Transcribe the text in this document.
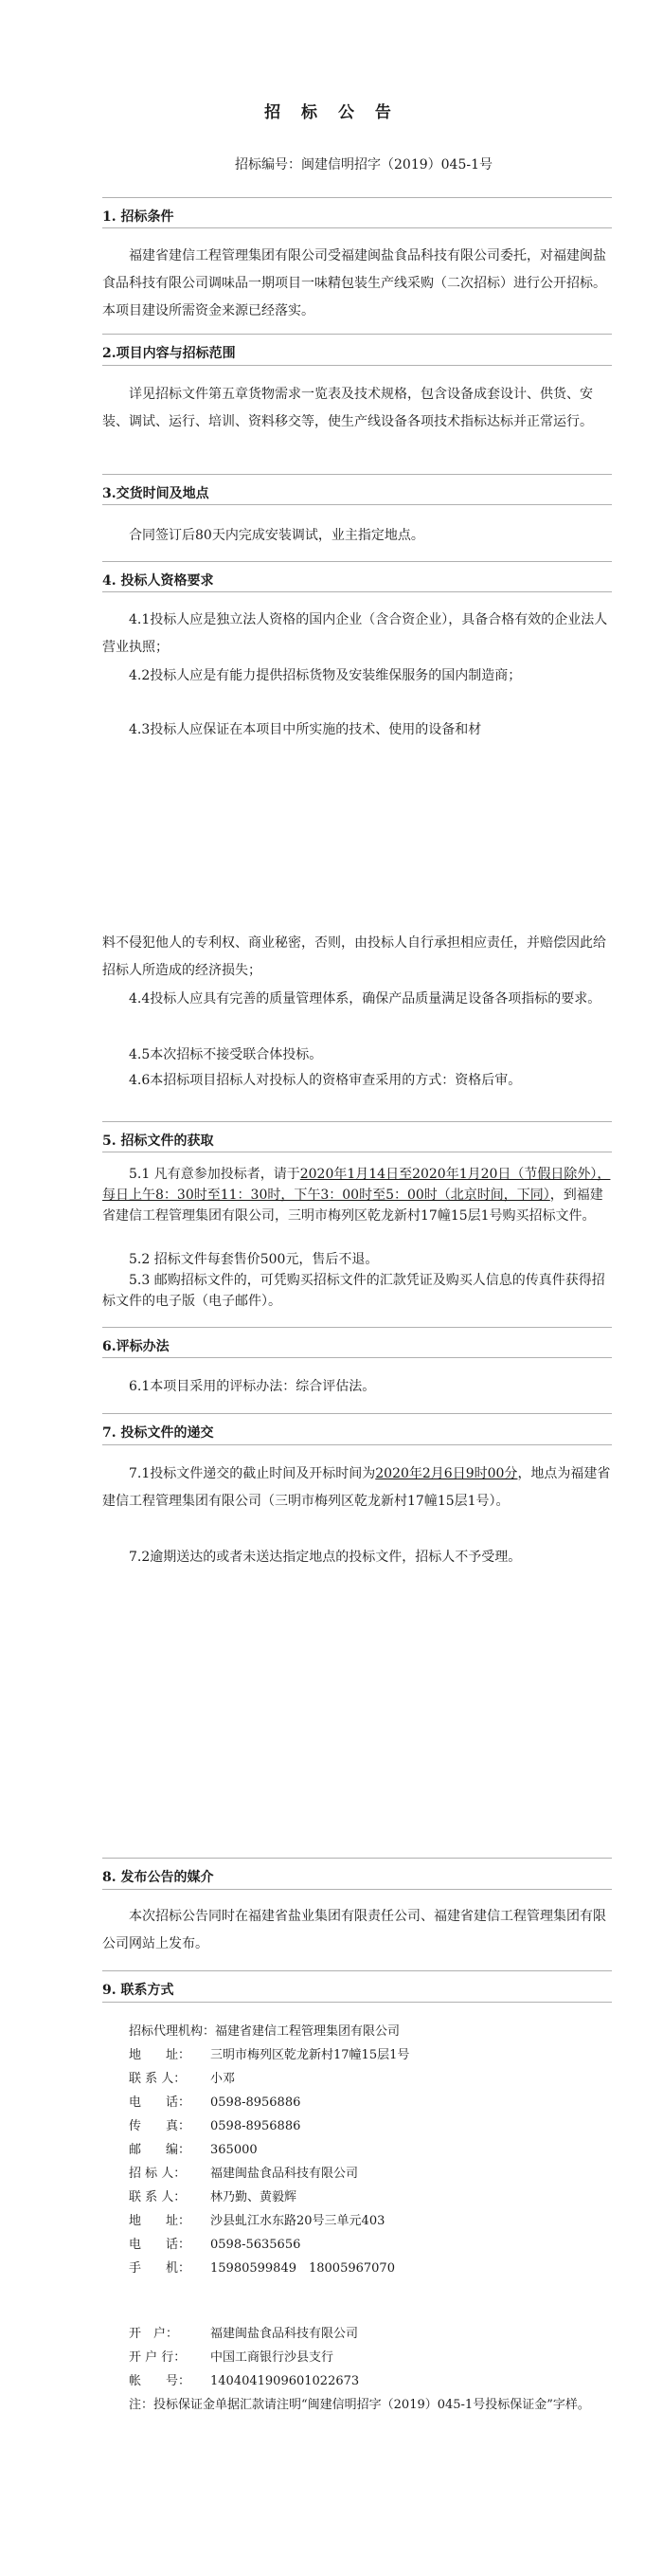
招 标 公 告
招标编号：闽建信明招字（2019）045-1号
1. 招标条件

福建省建信工程管理集团有限公司受福建闽盐食品科技有限公司委托，对福建闽盐食品科技有限公司调味品一期项目一味精包装生产线采购（二次招标）进行公开招标。本项目建设所需资金来源已经落实。

2.项目内容与招标范围

详见招标文件第五章货物需求一览表及技术规格，包含设备成套设计、供货、安装、调试、运行、培训、资料移交等，使生产线设备各项技术指标达标并正常运行。

3.交货时间及地点

合同签订后80天内完成安装调试，业主指定地点。

4. 投标人资格要求

4.1投标人应是独立法人资格的国内企业（含合资企业），具备合格有效的企业法人营业执照；

4.2投标人应是有能力提供招标货物及安装维保服务的国内制造商；

4.3投标人应保证在本项目中所实施的技术、使用的设备和材

料不侵犯他人的专利权、商业秘密，否则，由投标人自行承担相应责任，并赔偿因此给招标人所造成的经济损失；

4.4投标人应具有完善的质量管理体系，确保产品质量满足设备各项指标的要求。

4.5本次招标不接受联合体投标。

4.6本招标项目招标人对投标人的资格审查采用的方式：资格后审。

5. 招标文件的获取

5.1 凡有意参加投标者，请于2020年1月14日至2020年1月20日（节假日除外），每日上午8：30时至11：30时，下午3：00时至5：00时（北京时间，下同），到福建省建信工程管理集团有限公司，三明市梅列区乾龙新村17幢15层1号购买招标文件。

5.2 招标文件每套售价500元，售后不退。

5.3 邮购招标文件的，可凭购买招标文件的汇款凭证及购买人信息的传真件获得招标文件的电子版（电子邮件）。

6.评标办法

6.1本项目采用的评标办法：综合评估法。

7. 投标文件的递交

7.1投标文件递交的截止时间及开标时间为2020年2月6日9时00分，地点为福建省建信工程管理集团有限公司（三明市梅列区乾龙新村17幢15层1号）。

7.2逾期送达的或者未送达指定地点的投标文件，招标人不予受理。

8. 发布公告的媒介

本次招标公告同时在福建省盐业集团有限责任公司、福建省建信工程管理集团有限公司网站上发布。

9. 联系方式
招标代理机构：福建省建信工程管理集团有限公司
地　　址：	三明市梅列区乾龙新村17幢15层1号
联 系 人：	小邓
电　　话：	0598-8956886
传　　真：	0598-8956886
邮　　编：	365000
招 标 人：	福建闽盐食品科技有限公司
联 系 人：	林乃勤、黄毅辉
地　　址：	沙县虬江水东路20号三单元403
电　　话：	0598-5635656
手　　机：	15980599849　18005967070
开　户：	福建闽盐食品科技有限公司
开 户 行：	中国工商银行沙县支行
帐　　号：	1404041909601022673

注：投标保证金单据汇款请注明“闽建信明招字（2019）045-1号投标保证金”字样。
